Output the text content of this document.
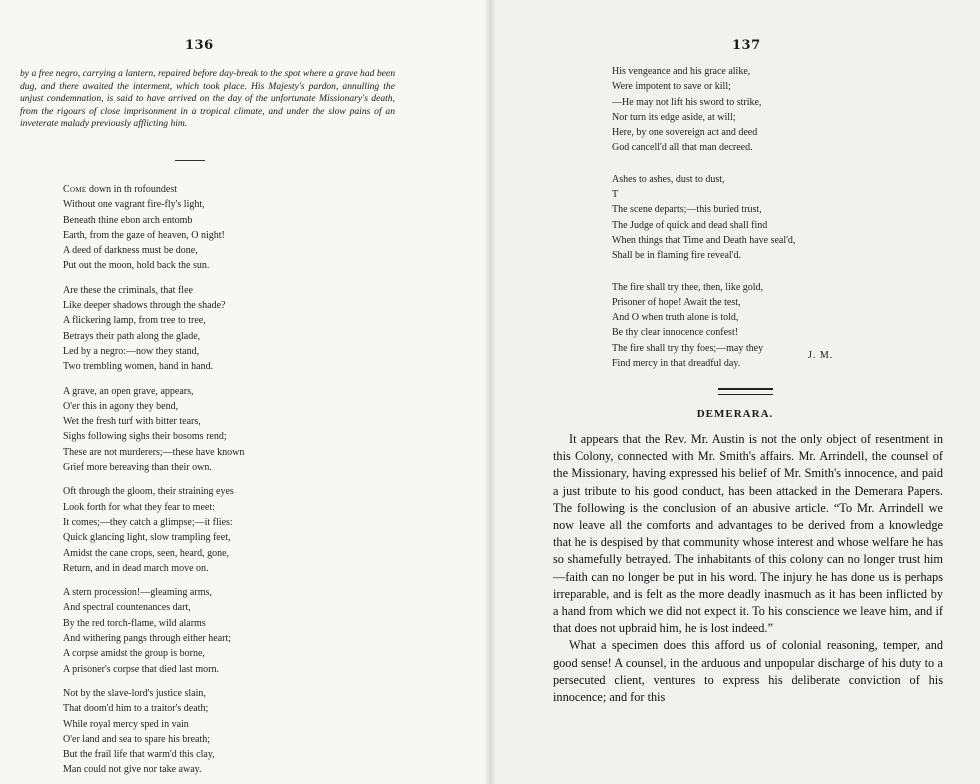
136
by a free negro, carrying a lantern, repaired before day-break to the spot where a grave had been dug, and there awaited the interment, which took place. His Majesty's pardon, annulling the unjust condemnation, is said to have arrived on the day of the unfortunate Missionary's death, from the rigours of close imprisonment in a tropical climate, and under the slow pains of an inveterate malady previously afflicting him.
Come down in th rofoundest
Without one vagrant fire-fly's light,
Beneath thine ebon arch entomb
Earth, from the gaze of heaven, O night!
A deed of darkness must be done,
Put out the moon, hold back the sun.
Are these the criminals, that flee
Like deeper shadows through the shade?
A flickering lamp, from tree to tree,
Betrays their path along the glade,
Led by a negro:—now they stand,
Two trembling women, hand in hand.
A grave, an open grave, appears,
O'er this in agony they bend,
Wet the fresh turf with bitter tears,
Sighs following sighs their bosoms rend;
These are not murderers;—these have known
Grief more bereaving than their own.
Oft through the gloom, their straining eyes
Look forth for what they fear to meet:
It comes;—they catch a glimpse;—it flies:
Quick glancing light, slow trampling feet,
Amidst the cane crops, seen, heard, gone,
Return, and in dead march move on.
A stern procession!—gleaming arms,
And spectral countenances dart,
By the red torch-flame, wild alarms
And withering pangs through either heart;
A corpse amidst the group is borne,
A prisoner's corpse that died last morn.
Not by the slave-lord's justice slain,
That doom'd him to a traitor's death;
While royal mercy sped in vain
O'er land and sea to spare his breath;
But the frail life that warm'd this clay,
Man could not give nor take away.
137
His vengeance and his grace alike,
Were impotent to save or kill;
—He may not lift his sword to strike,
Nor turn its edge aside, at will;
Here, by one sovereign act and deed
God cancell'd all that man decreed.
Ashes to ashes, dust to dust,
T
The scene departs;—this buried trust,
The Judge of quick and dead shall find
When things that Time and Death have seal'd,
Shall be in flaming fire reveal'd.
The fire shall try thee, then, like gold,
Prisoner of hope! Await the test,
And O when truth alone is told,
Be thy clear innocence confest!
The fire shall try thy foes;—may they
Find mercy in that dreadful day.
J. M.
DEMERARA.

It appears that the Rev. Mr. Austin is not the only object of resentment in this Colony, connected with Mr. Smith's affairs. Mr. Arrindell, the counsel of the Missionary, having expressed his belief of Mr. Smith's innocence, and paid a just tribute to his good conduct, has been attacked in the Demerara Papers. The following is the conclusion of an abusive article. “To Mr. Arrindell we now leave all the comforts and advantages to be derived from a knowledge that he is despised by that community whose interest and whose welfare he has so shamefully betrayed. The inhabitants of this colony can no longer trust him—faith can no longer be put in his word. The injury he has done us is perhaps irreparable, and is felt as the more deadly inasmuch as it has been inflicted by a hand from which we did not expect it. To his conscience we leave him, and if that does not upbraid him, he is lost indeed.”

What a specimen does this afford us of colonial reasoning, temper, and good sense! A counsel, in the arduous and unpopular discharge of his duty to a persecuted client, ventures to express his deliberate conviction of his innocence; and for this
